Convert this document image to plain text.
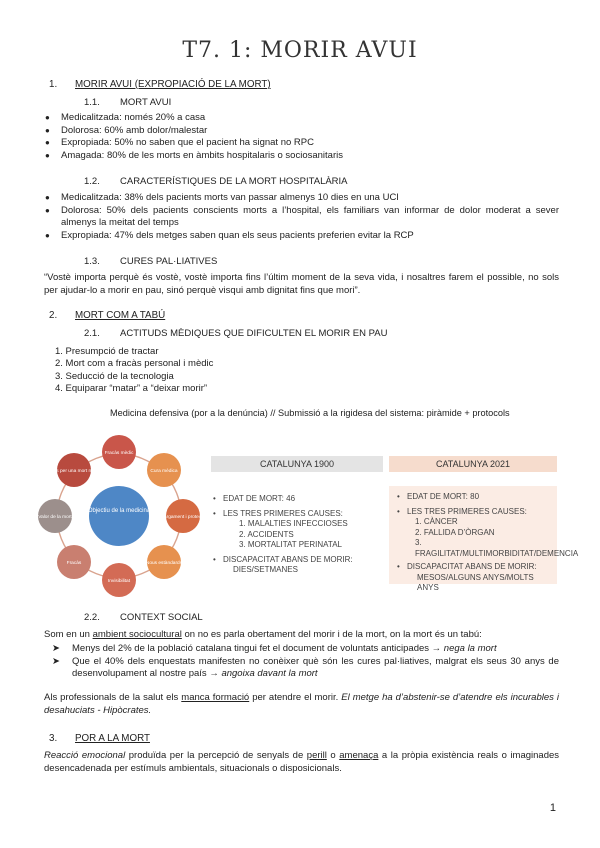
T7. 1: MORIR AVUI
1. MORIR AVUI (EXPROPIACIÓ DE LA MORT)
1.1. MORT AVUI
● Medicalitzada: només 20% a casa
● Dolorosa: 60% amb dolor/malestar
● Expropiada: 50% no saben que el pacient ha signat no RPC
● Amagada: 80% de les morts en àmbits hospitalaris o sociosanitaris
1.2. CARACTERÍSTIQUES DE LA MORT HOSPITALÀRIA
● Medicalitzada: 38% dels pacients morts van passar almenys 10 dies en una UCI
● Dolorosa: 50% dels pacients conscients morts a l’hospital, els familiars van informar de dolor moderat a sever almenys la meitat del temps
● Expropiada: 47% dels metges saben quan els seus pacients preferien evitar la RCP
1.3. CURES PAL·LIATIVES
“Vostè importa perquè és vostè, vostè importa fins l’últim moment de la seva vida, i nosaltres farem el possible, no sols per ajudar-lo a morir en pau, sinó perquè visqui amb dignitat fins que mori”.
2. MORT COM A TABÚ
2.1. ACTITUDS MÈDIQUES QUE DIFICULTEN EL MORIR EN PAU
1. Presumpció de tractar
2. Mort com a fracàs personal i mèdic
3. Seducció de la tecnologia
4. Equiparar “matar” a “deixar morir”
Medicina defensiva (por a la denúncia) // Submissió a la rigidesa del sistema: piràmide + protocols
Objectiu de la medicina
Fracàs mèdic
Cura mèdica
Allargament i protecció
Nous estàndards
Invisibilitat
Fracàs
Valor de la mort
Fracàs per una mort mèdica
CATALUNYA 1900
• EDAT DE MORT: 46
• LES TRES PRIMERES CAUSES:
1. MALALTIES INFECCIOSES
2. ACCIDENTS
3. MORTALITAT PERINATAL
• DISCAPACITAT ABANS DE MORIR:
DIES/SETMANES
CATALUNYA 2021
• EDAT DE MORT: 80
• LES TRES PRIMERES CAUSES:
1. CÀNCER
2. FALLIDA D’ÒRGAN
3. FRAGILITAT/MULTIMORBIDITAT/DEMENCIA
• DISCAPACITAT ABANS DE MORIR:
MESOS/ALGUNS ANYS/MOLTS ANYS
2.2. CONTEXT SOCIAL
Som en un ambient sociocultural on no es parla obertament del morir i de la mort, on la mort és un tabú:
➤ Menys del 2% de la població catalana tingui fet el document de voluntats anticipades → nega la mort
➤ Que el 40% dels enquestats manifesten no conèixer què són les cures pal·liatives, malgrat els seus 30 anys de desenvolupament al nostre país → angoixa davant la mort
Als professionals de la salut els manca formació per atendre el morir. El metge ha d’abstenir-se d’atendre els incurables i desahuciats - Hipòcrates.
3. POR A LA MORT
Reacció emocional produïda per la percepció de senyals de perill o amenaça a la pròpia existència reals o imaginades desencadenada per estímuls ambientals, situacionals o disposicionals.
1
